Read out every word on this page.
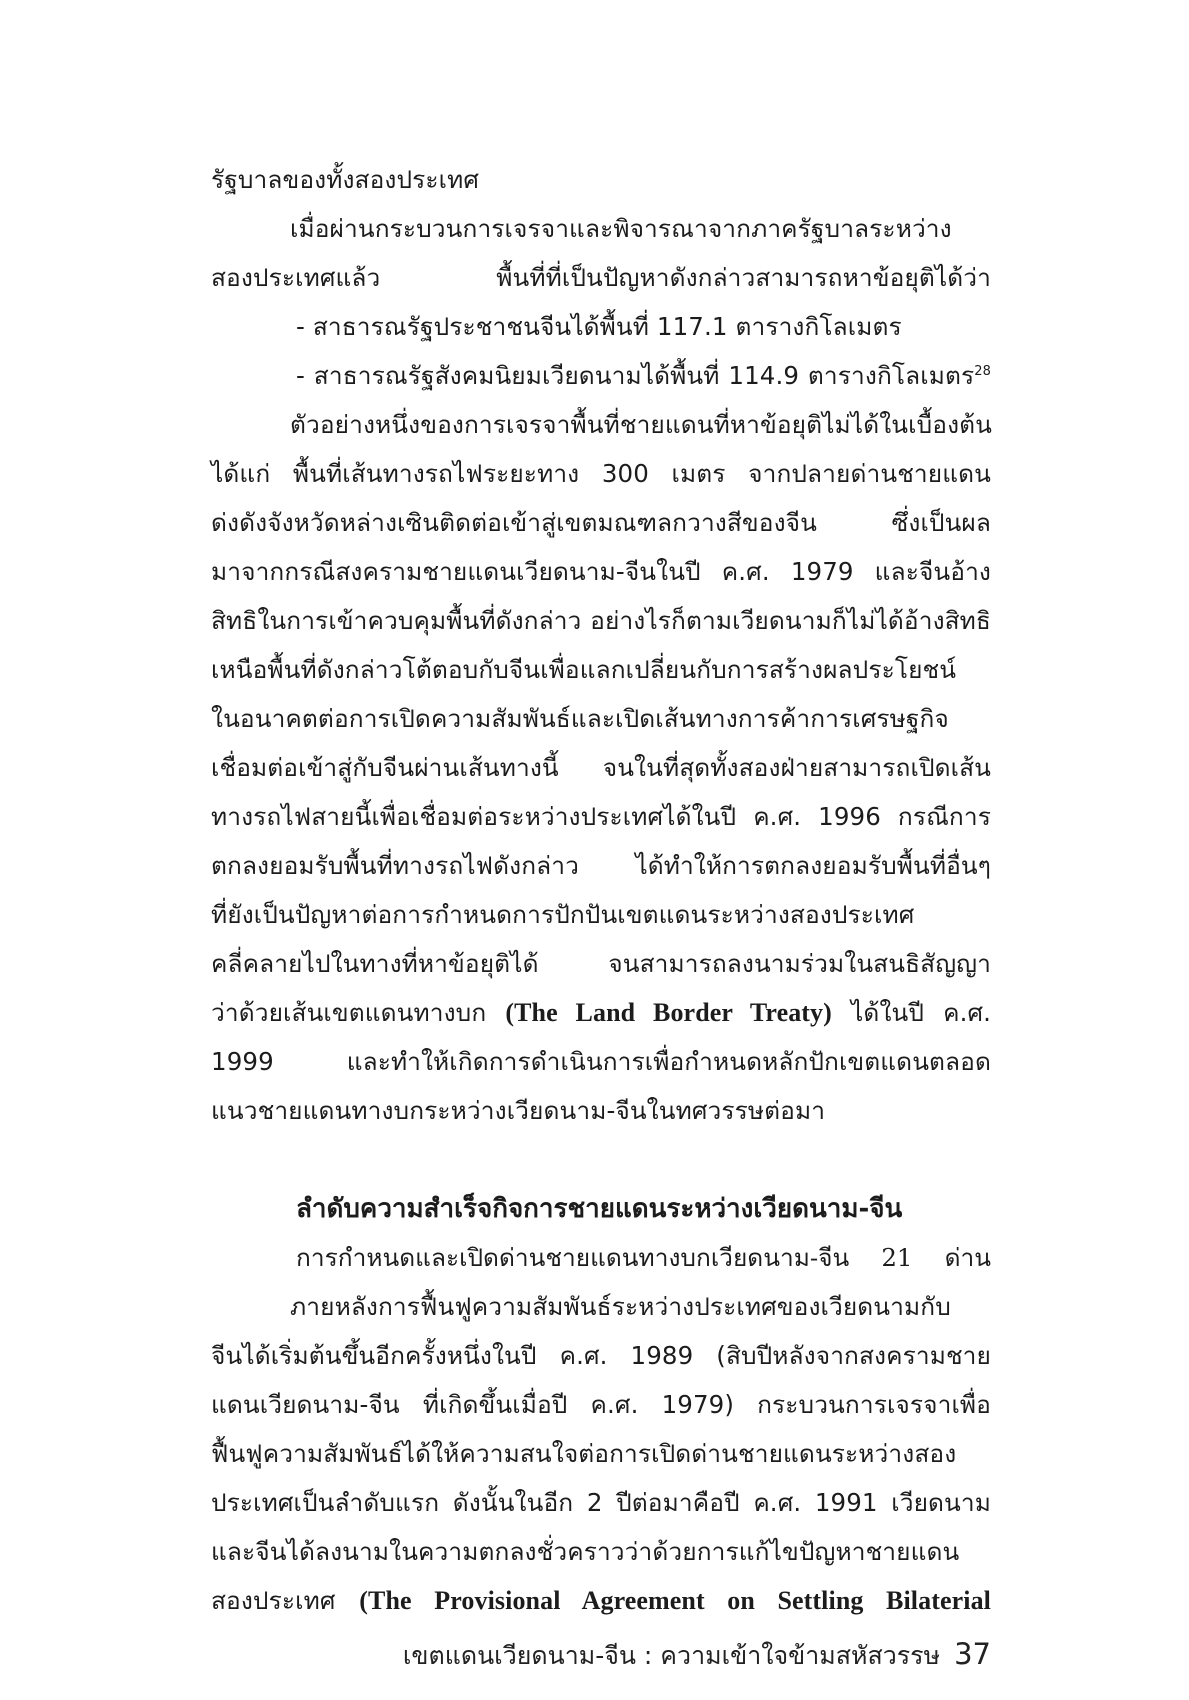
รัฐบาลของทั้งสองประเทศ
เมื่อผ่านกระบวนการเจรจาและพิจารณาจากภาครัฐบาลระหว่าง
สองประเทศแล้ว พื้นที่ที่เป็นปัญหาดังกล่าวสามารถหาข้อยุติได้ว่า
- สาธารณรัฐประชาชนจีนได้พื้นที่ 117.1 ตารางกิโลเมตร
- สาธารณรัฐสังคมนิยมเวียดนามได้พื้นที่ 114.9 ตารางกิโลเมตร$^{28}$
ตัวอย่างหนึ่งของการเจรจาพื้นที่ชายแดนที่หาข้อยุติไม่ได้ในเบื้องต้น
ได้แก่ พื้นที่เส้นทางรถไฟระยะทาง 300 เมตร จากปลายด่านชายแดน
ด่งดังจังหวัดหล่างเซินติดต่อเข้าสู่เขตมณฑลกวางสีของจีน ซึ่งเป็นผล
มาจากกรณีสงครามชายแดนเวียดนาม-จีนในปี ค.ศ. 1979 และจีนอ้าง
สิทธิในการเข้าควบคุมพื้นที่ดังกล่าว อย่างไรก็ตามเวียดนามก็ไม่ได้อ้างสิทธิ
เหนือพื้นที่ดังกล่าวโต้ตอบกับจีนเพื่อแลกเปลี่ยนกับการสร้างผลประโยชน์
ในอนาคตต่อการเปิดความสัมพันธ์และเปิดเส้นทางการค้าการเศรษฐกิจ
เชื่อมต่อเข้าสู่กับจีนผ่านเส้นทางนี้ จนในที่สุดทั้งสองฝ่ายสามารถเปิดเส้น
ทางรถไฟสายนี้เพื่อเชื่อมต่อระหว่างประเทศได้ในปี ค.ศ. 1996 กรณีการ
ตกลงยอมรับพื้นที่ทางรถไฟดังกล่าว ได้ทำให้การตกลงยอมรับพื้นที่อื่นๆ
ที่ยังเป็นปัญหาต่อการกำหนดการปักปันเขตแดนระหว่างสองประเทศ
คลี่คลายไปในทางที่หาข้อยุติได้ จนสามารถลงนามร่วมในสนธิสัญญา
ว่าด้วยเส้นเขตแดนทางบก (The Land Border Treaty) ได้ในปี ค.ศ.
1999 และทำให้เกิดการดำเนินการเพื่อกำหนดหลักปักเขตแดนตลอด
แนวชายแดนทางบกระหว่างเวียดนาม-จีนในทศวรรษต่อมา
ลำดับความสำเร็จกิจการชายแดนระหว่างเวียดนาม-จีน
การกำหนดและเปิดด่านชายแดนทางบกเวียดนาม-จีน 21 ด่าน
ภายหลังการฟื้นฟูความสัมพันธ์ระหว่างประเทศของเวียดนามกับ
จีนได้เริ่มต้นขึ้นอีกครั้งหนึ่งในปี ค.ศ. 1989 (สิบปีหลังจากสงครามชาย
แดนเวียดนาม-จีน ที่เกิดขึ้นเมื่อปี ค.ศ. 1979) กระบวนการเจรจาเพื่อ
ฟื้นฟูความสัมพันธ์ได้ให้ความสนใจต่อการเปิดด่านชายแดนระหว่างสอง
ประเทศเป็นลำดับแรก ดังนั้นในอีก 2 ปีต่อมาคือปี ค.ศ. 1991 เวียดนาม
และจีนได้ลงนามในความตกลงชั่วคราวว่าด้วยการแก้ไขปัญหาชายแดน
สองประเทศ (The Provisional Agreement on Settling Bilaterial
เขตแดนเวียดนาม-จีน : ความเข้าใจข้ามสหัสวรรษ 37
